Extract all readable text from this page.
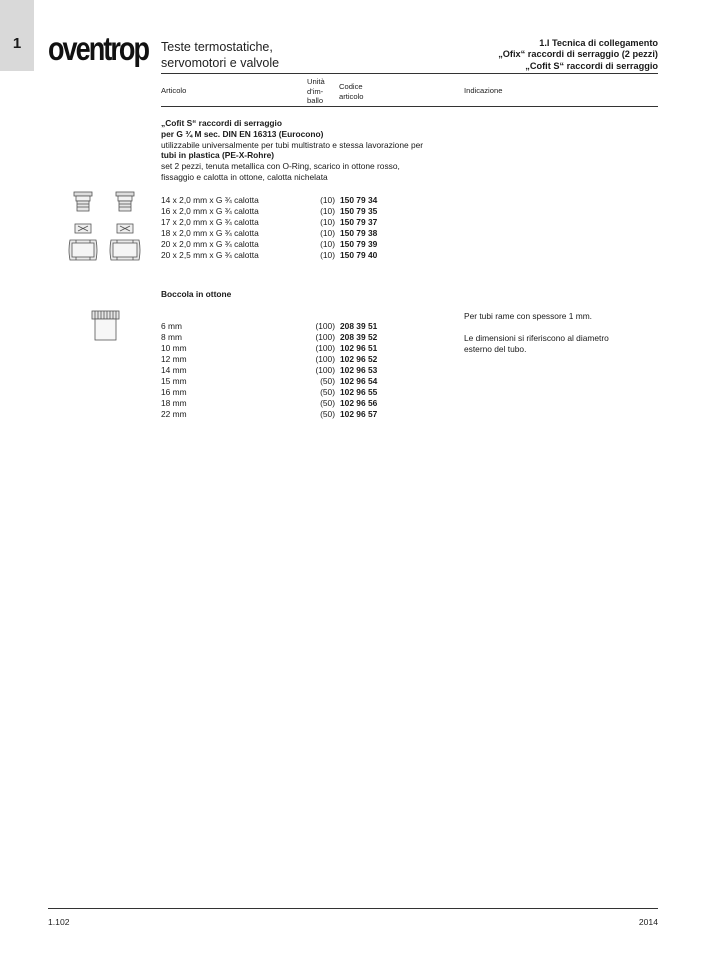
1 oventrop Teste termostatiche,
servomotori e valvole
1.I Tecnica di collegamento
„Ofix“ raccordi di serraggio (2 pezzi)
„Cofit S“ raccordi di serraggio
Articolo
Unità
d'im-
ballo
Codice
articolo
Indicazione
„Cofit S“ raccordi di serraggio
per G ¾ M sec. DIN EN 16313 (Eurocono)
utilizzabile universalmente per tubi multistrato e stessa lavorazione per
tubi in plastica (PE-X-Rohre)
set 2 pezzi, tenuta metallica con O-Ring, scarico in ottone rosso,
fissaggio e calotta in ottone, calotta nichelata
14 x 2,0 mm x G ¾ calotta	(10) 150 79 34
16 x 2,0 mm x G ¾ calotta	(10) 150 79 35
17 x 2,0 mm x G ¾ calotta	(10) 150 79 37
18 x 2,0 mm x G ¾ calotta	(10) 150 79 38
20 x 2,0 mm x G ¾ calotta	(10) 150 79 39
20 x 2,5 mm x G ¾ calotta	(10) 150 79 40
Boccola in ottone
Per tubi rame con spessore 1 mm.
Le dimensioni si riferiscono al diametro
esterno del tubo.
6 mm	(100) 208 39 51
8 mm	(100) 208 39 52
10 mm	(100) 102 96 51
12 mm	(100) 102 96 52
14 mm	(100) 102 96 53
15 mm	(50) 102 96 54
16 mm	(50) 102 96 55
18 mm	(50) 102 96 56
22 mm	(50) 102 96 57
1.102	2014
